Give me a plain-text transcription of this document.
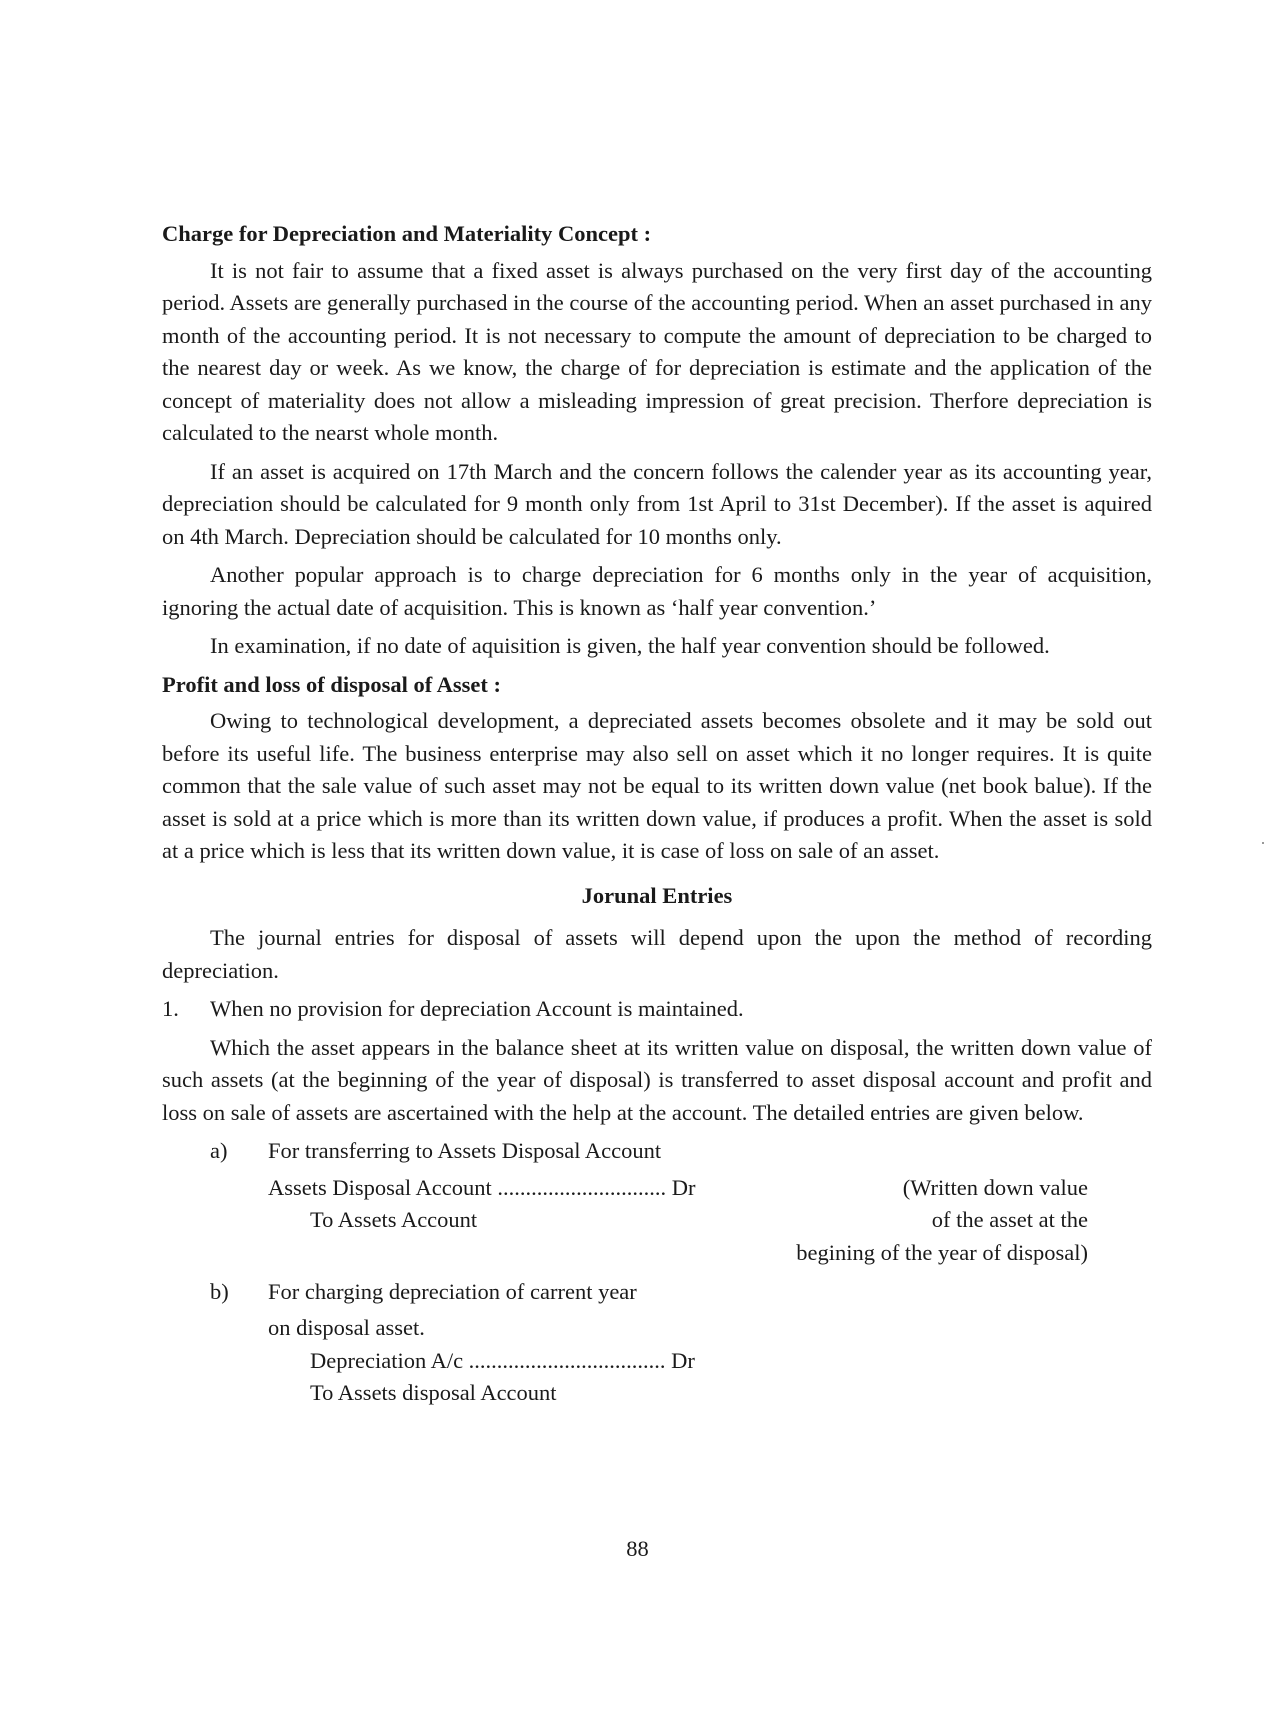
Charge for Depreciation and Materiality Concept :

It is not fair to assume that a fixed asset is always purchased on the very first day of the accounting period. Assets are generally purchased in the course of the accounting period. When an asset purchased in any month of the accounting period. It is not necessary to compute the amount of depreciation to be charged to the nearest day or week. As we know, the charge of for depreciation is estimate and the application of the concept of materiality does not allow a misleading impression of great precision. Therfore depreciation is calculated to the nearst whole month.

If an asset is acquired on 17th March and the concern follows the calender year as its accounting year, depreciation should be calculated for 9 month only from 1st April to 31st December). If the asset is aquired on 4th March. Depreciation should be calculated for 10 months only.

Another popular approach is to charge depreciation for 6 months only in the year of acquisition, ignoring the actual date of acquisition. This is known as ‘half year convention.’

In examination, if no date of aquisition is given, the half year convention should be followed.

Profit and loss of disposal of Asset :

Owing to technological development, a depreciated assets becomes obsolete and it may be sold out before its useful life. The business enterprise may also sell on asset which it no longer requires. It is quite common that the sale value of such asset may not be equal to its written down value (net book balue). If the asset is sold at a price which is more than its written down value, if produces a profit. When the asset is sold at a price which is less that its written down value, it is case of loss on sale of an asset.

Jorunal Entries

The journal entries for disposal of assets will depend upon the upon the method of recording depreciation.

1.	When no provision for depreciation Account is maintained.

Which the asset appears in the balance sheet at its written value on disposal, the written down value of such assets (at the beginning of the year of disposal) is transferred to asset disposal account and profit and loss on sale of assets are ascertained with the help at the account. The detailed entries are given below.

a)	For transferring to Assets Disposal Account
Assets Disposal Account .............................. Dr
To Assets Account
(Written down value
of the asset at the
begining of the year of disposal)
b)	For charging depreciation of carrent year
on disposal asset.
Depreciation A/c ................................... Dr
To Assets disposal Account
88
